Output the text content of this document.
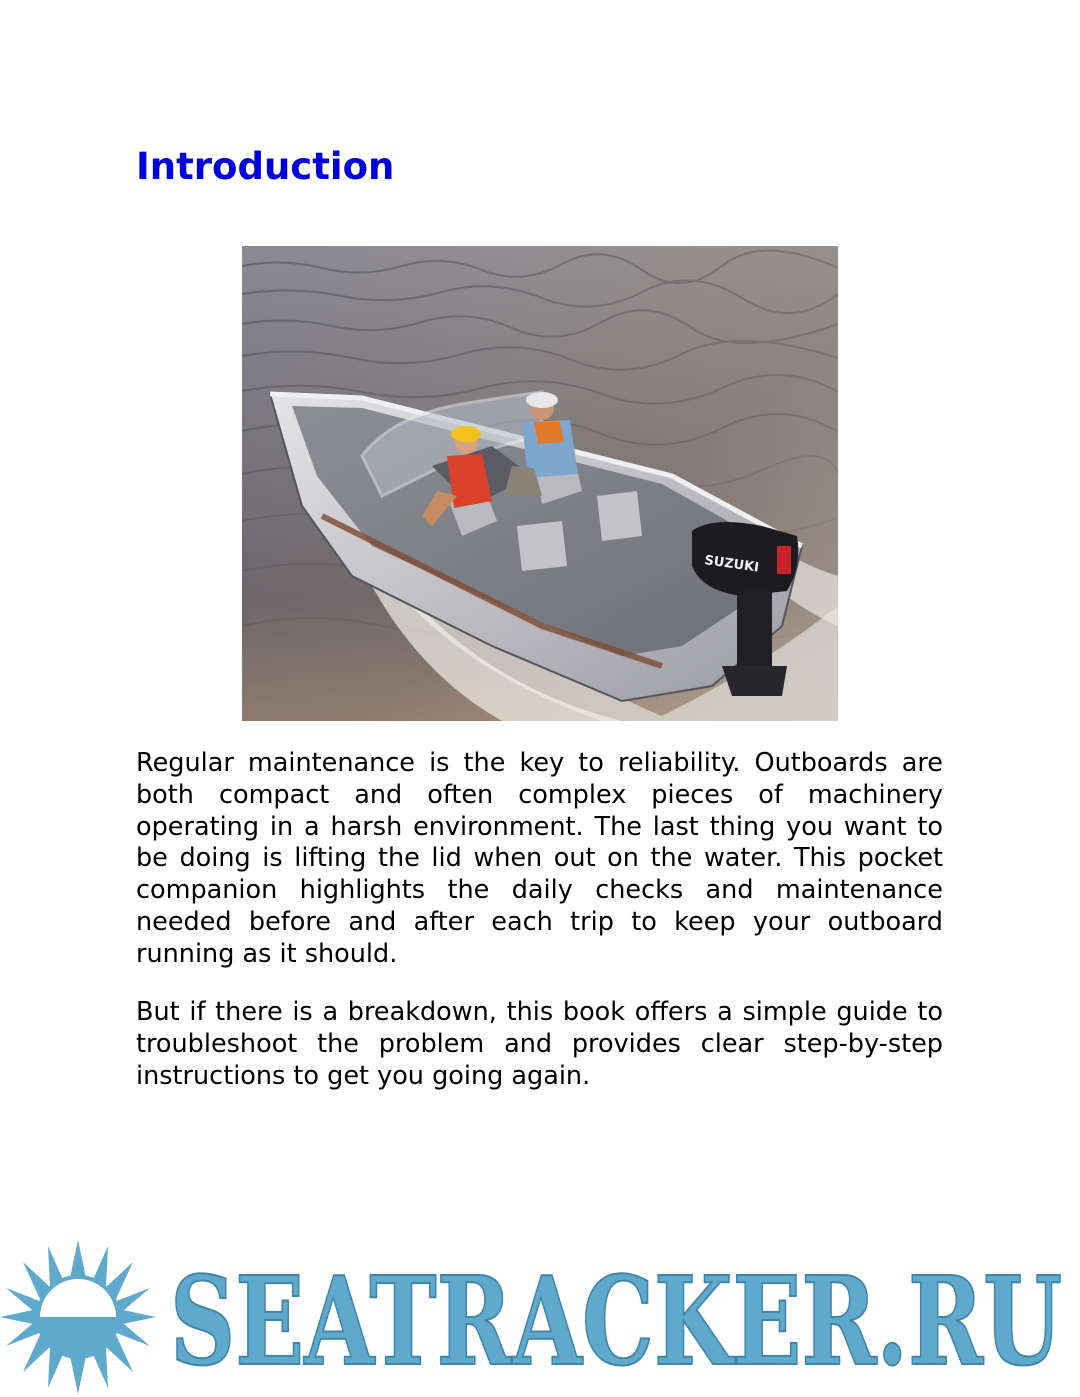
Introduction
SUZUKI

Regular maintenance is the key to reliability. Outboards are both compact and often complex pieces of machinery operating in a harsh environment. The last thing you want to be doing is lifting the lid when out on the water. This pocket companion highlights the daily checks and maintenance needed before and after each trip to keep your outboard running as it should.

But if there is a breakdown, this book offers a simple guide to troubleshoot the problem and provides clear step-by-step instructions to get you going again.

SEATRACKER.RU
